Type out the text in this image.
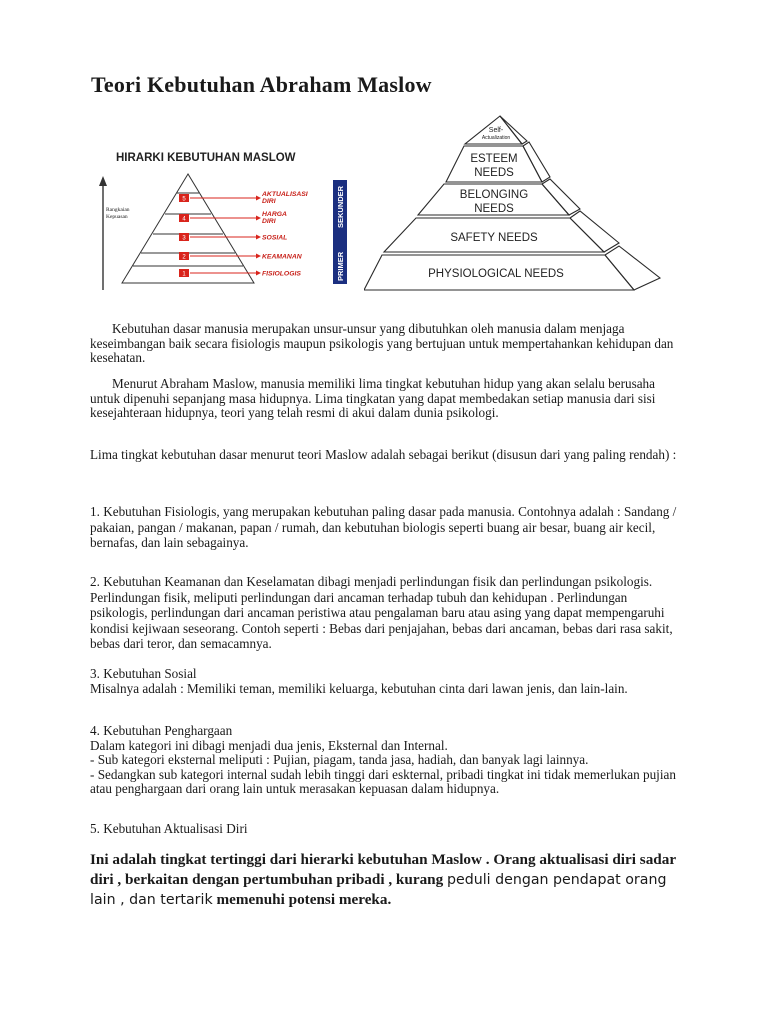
Teori Kebutuhan Abraham Maslow
HIRARKI KEBUTUHAN MASLOW
Rangkaian
Kepuasan
5
4
3
2
1
AKTUALISASI
DIRI
HARGA
DIRI
SOSIAL
KEAMANAN
FISIOLOGIS
SEKUNDER
PRIMER
Self-
Actualization
ESTEEM
NEEDS
BELONGING
NEEDS
SAFETY NEEDS
PHYSIOLOGICAL NEEDS

Kebutuhan dasar manusia merupakan unsur-unsur yang dibutuhkan oleh manusia dalam menjaga keseimbangan baik secara fisiologis maupun psikologis yang bertujuan untuk mempertahankan kehidupan dan kesehatan.

Menurut Abraham Maslow, manusia memiliki lima tingkat kebutuhan hidup yang akan selalu berusaha untuk dipenuhi sepanjang masa hidupnya. Lima tingkatan yang dapat membedakan setiap manusia dari sisi kesejahteraan hidupnya, teori yang telah resmi di akui dalam dunia psikologi.

Lima tingkat kebutuhan dasar menurut teori Maslow adalah sebagai berikut (disusun dari yang paling rendah) :

1. Kebutuhan Fisiologis, yang merupakan kebutuhan paling dasar pada manusia. Contohnya adalah : Sandang / pakaian, pangan / makanan, papan / rumah, dan kebutuhan biologis seperti buang air besar, buang air kecil, bernafas, dan lain sebagainya.

2. Kebutuhan Keamanan dan Keselamatan dibagi menjadi perlindungan fisik dan perlindungan psikologis. Perlindungan fisik, meliputi perlindungan dari ancaman terhadap tubuh dan kehidupan . Perlindungan psikologis, perlindungan dari ancaman peristiwa atau pengalaman baru atau asing yang dapat mempengaruhi kondisi kejiwaan seseorang. Contoh seperti : Bebas dari penjajahan, bebas dari ancaman, bebas dari rasa sakit, bebas dari teror, dan semacamnya.

3. Kebutuhan Sosial

Misalnya adalah : Memiliki teman, memiliki keluarga, kebutuhan cinta dari lawan jenis, dan lain-lain.

4. Kebutuhan Penghargaan

Dalam kategori ini dibagi menjadi dua jenis, Eksternal dan Internal.

- Sub kategori eksternal meliputi : Pujian, piagam, tanda jasa, hadiah, dan banyak lagi lainnya.

- Sedangkan sub kategori internal sudah lebih tinggi dari eskternal, pribadi tingkat ini tidak memerlukan pujian atau penghargaan dari orang lain untuk merasakan kepuasan dalam hidupnya.

5. Kebutuhan Aktualisasi Diri

Ini adalah tingkat tertinggi dari hierarki kebutuhan Maslow . Orang aktualisasi diri sadar diri , berkaitan dengan pertumbuhan pribadi , kurang peduli dengan pendapat orang lain , dan tertarik memenuhi potensi mereka.
